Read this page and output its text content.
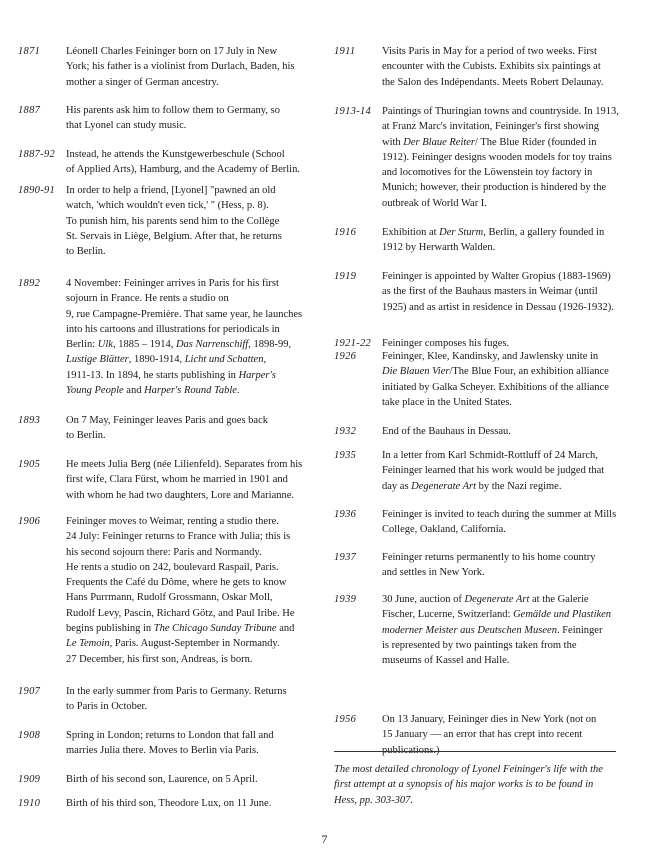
1871	Léonell Charles Feininger born on 17 July in New
York; his father is a violinist from Durlach, Baden, his
mother a singer of German ancestry.
1887	His parents ask him to follow them to Germany, so
that Lyonel can study music.
1887-92	Instead, he attends the Kunstgewerbeschule (School
of Applied Arts), Hamburg, and the Academy of Berlin.
1890-91	In order to help a friend, [Lyonel] "pawned an old
watch, 'which wouldn't even tick,' " (Hess, p. 8).
To punish him, his parents send him to the Collège
St. Servais in Liège, Belgium. After that, he returns
to Berlin.
1892	4 November: Feininger arrives in Paris for his first
sojourn in France. He rents a studio on
9, rue Campagne-Première. That same year, he launches
into his cartoons and illustrations for periodicals in
Berlin: Ulk, 1885 – 1914, Das Narrenschiff, 1898-99,
Lustige Blätter, 1890-1914, Licht und Schatten,
1911-13. In 1894, he starts publishing in Harper's
Young People and Harper's Round Table.
1893	On 7 May, Feininger leaves Paris and goes back
to Berlin.
1905	He meets Julia Berg (née Lilienfeld). Separates from his
first wife, Clara Fürst, whom he married in 1901 and
with whom he had two daughters, Lore and Marianne.
1906	Feininger moves to Weimar, renting a studio there.
24 July: Feininger returns to France with Julia; this is
his second sojourn there: Paris and Normandy.
He rents a studio on 242, boulevard Raspail, Paris.
Frequents the Café du Dôme, where he gets to know
Hans Purrmann, Rudolf Grossmann, Oskar Moll,
Rudolf Levy, Pascin, Richard Götz, and Paul Iribe. He
begins publishing in The Chicago Sunday Tribune and
Le Temoin, Paris. August-September in Normandy.
27 December, his first son, Andreas, is born.
1907	In the early summer from Paris to Germany. Returns
to Paris in October.
1908	Spring in London; returns to London that fall and
marries Julia there. Moves to Berlin via Paris.
1909	Birth of his second son, Laurence, on 5 April.
1910	Birth of his third son, Theodore Lux, on 11 June.
1911	Visits Paris in May for a period of two weeks. First
encounter with the Cubists. Exhibits six paintings at
the Salon des Indépendants. Meets Robert Delaunay.
1913-14	Paintings of Thuringian towns and countryside. In 1913,
at Franz Marc's invitation, Feininger's first showing
with Der Blaue Reiter/ The Blue Rider (founded in
1912). Feininger designs wooden models for toy trains
and locomotives for the Löwenstein toy factory in
Munich; however, their production is hindered by the
outbreak of World War I.
1916	Exhibition at Der Sturm, Berlin, a gallery founded in
1912 by Herwarth Walden.
1919	Feininger is appointed by Walter Gropius (1883-1969)
as the first of the Bauhaus masters in Weimar (until
1925) and as artist in residence in Dessau (1926-1932).
1921-22	Feininger composes his fuges.
1926	Feininger, Klee, Kandinsky, and Jawlensky unite in
Die Blauen Vier/The Blue Four, an exhibition alliance
initiated by Galka Scheyer. Exhibitions of the alliance
take place in the United States.
1932	End of the Bauhaus in Dessau.
1935	In a letter from Karl Schmidt-Rottluff of 24 March,
Feininger learned that his work would be judged that
day as Degenerate Art by the Nazi regime.
1936	Feininger is invited to teach during the summer at Mills
College, Oakland, California.
1937	Feininger returns permanently to his home country
and settles in New York.
1939	30 June, auction of Degenerate Art at the Galerie
Fischer, Lucerne, Switzerland: Gemälde und Plastiken
moderner Meister aus Deutschen Museen. Feininger
is represented by two paintings taken from the
museums of Kassel and Halle.
1956	On 13 January, Feininger dies in New York (not on
15 January — an error that has crept into recent
publications.)
The most detailed chronology of Lyonel Feininger's life with the
first attempt at a synopsis of his major works is to be found in
Hess, pp. 303-307.
7
